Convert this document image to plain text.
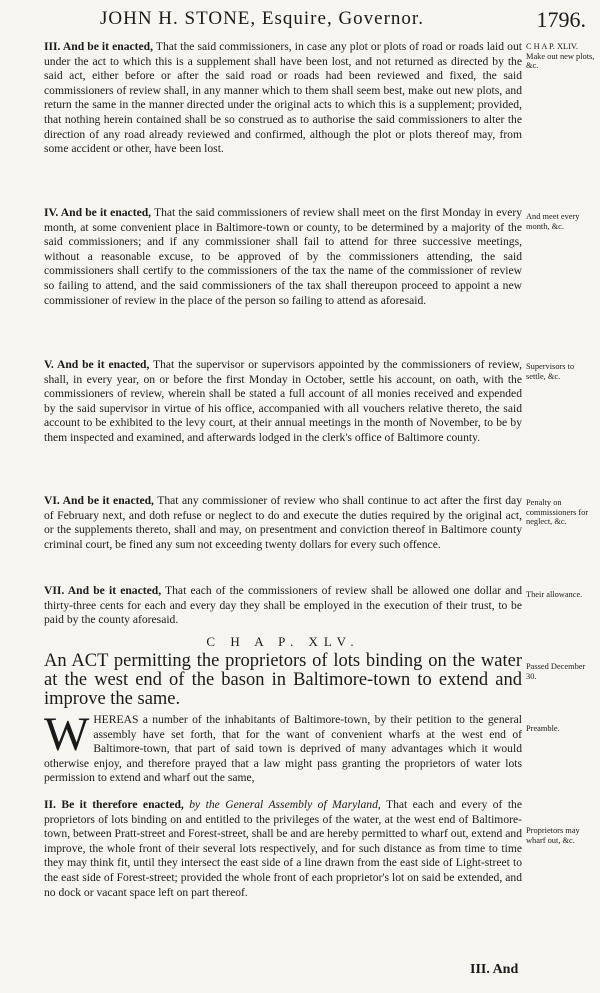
JOHN H. STONE, Esquire, Governor.	1796.

III. And be it enacted, That the said commissioners, in case any plot or plots of road or roads laid out under the act to which this is a supplement shall have been lost, and not returned as directed by the said act, either before or after the said road or roads had been reviewed and fixed, the said commissioners of review shall, in any manner which to them shall seem best, make out new plots, and return the same in the manner directed under the original acts to which this is a supplement; provided, that nothing herein contained shall be so construed as to authorise the said commissioners to alter the direction of any road already reviewed and confirmed, although the plot or plots thereof may, from some accident or other, have been lost.

IV. And be it enacted, That the said commissioners of review shall meet on the first Monday in every month, at some convenient place in Baltimore-town or county, to be determined by a majority of the said commissioners; and if any commissioner shall fail to attend for three successive meetings, without a reasonable excuse, to be approved of by the commissioners attending, the said commissioners shall certify to the commissioners of the tax the name of the commissioner of review so failing to attend, and the said commissioners of the tax shall thereupon proceed to appoint a new commissioner of review in the place of the person so failing to attend as aforesaid.

V. And be it enacted, That the supervisor or supervisors appointed by the commissioners of review, shall, in every year, on or before the first Monday in October, settle his account, on oath, with the commissioners of review, wherein shall be stated a full account of all monies received and expended by the said supervisor in virtue of his office, accompanied with all vouchers relative thereto, the said account to be exhibited to the levy court, at their annual meetings in the month of November, to be by them inspected and examined, and afterwards lodged in the clerk's office of Baltimore county.

VI. And be it enacted, That any commissioner of review who shall continue to act after the first day of February next, and doth refuse or neglect to do and execute the duties required by the original act, or the supplements thereto, shall and may, on presentment and conviction thereof in Baltimore county criminal court, be fined any sum not exceeding twenty dollars for every such offence.

VII. And be it enacted, That each of the commissioners of review shall be allowed one dollar and thirty-three cents for each and every day they shall be employed in the execution of their trust, to be paid by the county aforesaid.

C H A P. XLV.

An ACT permitting the proprietors of lots binding on the water at the west end of the bason in Baltimore-town to extend and improve the same.

WHEREAS a number of the inhabitants of Baltimore-town, by their petition to the general assembly have set forth, that for the want of convenient wharfs at the west end of Baltimore-town, that part of said town is deprived of many advantages which it would otherwise enjoy, and therefore prayed that a law might pass granting the proprietors of water lots permission to extend and wharf out the same,
II. Be it therefore enacted, by the General Assembly of Maryland, That each and every of the proprietors of lots binding on and entitled to the privileges of the water, at the west end of Baltimore-town, between Pratt-street and Forest-street, shall be and are hereby permitted to wharf out, extend and improve, the whole front of their several lots respectively, and for such distance as from time to time they may think fit, until they intersect the east side of a line drawn from the east side of Light-street to the east side of Forest-street; provided the whole front of each proprietor's lot on said be extended, and no dock or vacant space left on part thereof.
C H A P. XLIV. Make out new plots, &c.
And meet every month, &c.
Supervisors to settle, &c.
Penalty on commissioners for neglect, &c.
Their allowance.
Passed December 30.
Preamble.
Proprietors may wharf out, &c.
III. And
